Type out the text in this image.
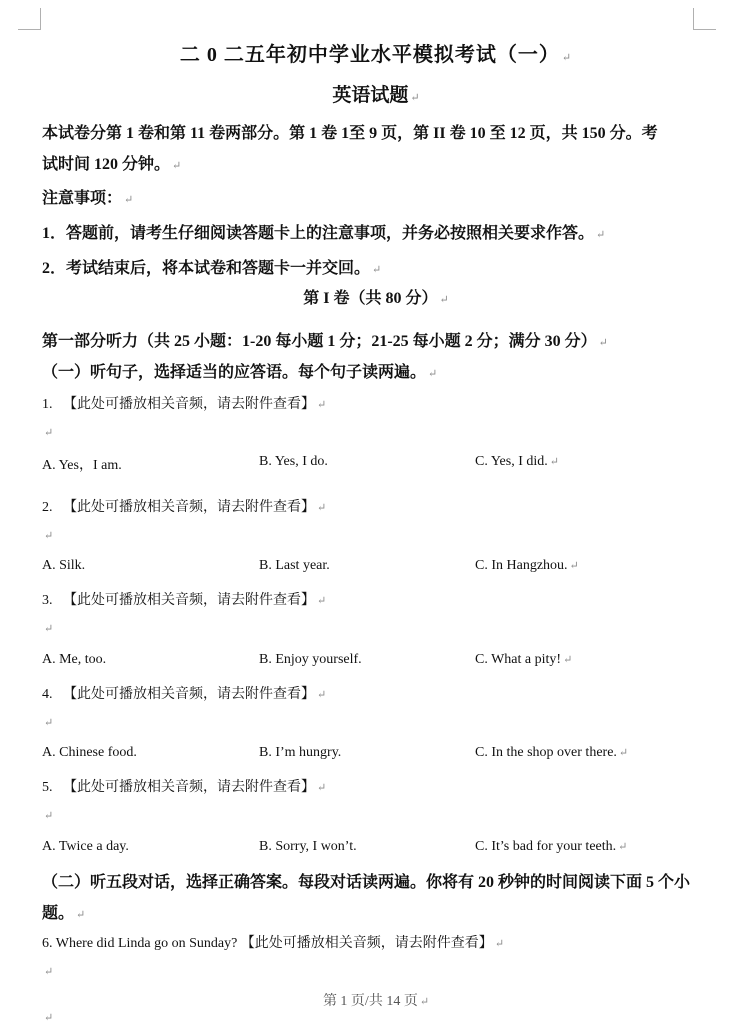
二 0 二五年初中学业水平模拟考试（一） ↵
英语试题 ↵
本试卷分第 1 卷和第 11 卷两部分。第 1 卷 1至 9 页，第 II 卷 10 至 12 页，共 150 分。考
试时间 120 分钟。 ↵
注意事项： ↵
1．答题前，请考生仔细阅读答题卡上的注意事项，并务必按照相关要求作答。 ↵
2．考试结束后，将本试卷和答题卡一并交回。 ↵
第 I 卷（共 80 分） ↵
第一部分听力（共 25 小题：1-20 每小题 1 分；21-25 每小题 2 分；满分 30 分） ↵
（一）听句子，选择适当的应答语。每个句子读两遍。 ↵
1. 【此处可播放相关音频，请去附件查看】 ↵
↵
A. Yes，I am.	B. Yes, I do.	C. Yes, I did. ↵
2. 【此处可播放相关音频，请去附件查看】 ↵
↵
A. Silk.	B. Last year.	C. In Hangzhou. ↵
3. 【此处可播放相关音频，请去附件查看】 ↵
↵
A. Me, too.	B. Enjoy yourself.	C. What a pity! ↵
4. 【此处可播放相关音频，请去附件查看】 ↵
↵
A. Chinese food.	B. I’m hungry.	C. In the shop over there. ↵
5. 【此处可播放相关音频，请去附件查看】 ↵
↵
A. Twice a day.	B. Sorry, I won’t.	C. It’s bad for your teeth. ↵
（二）听五段对话，选择正确答案。每段对话读两遍。你将有 20 秒钟的时间阅读下面 5 个小
题。 ↵
6. Where did Linda go on Sunday? 【此处可播放相关音频，请去附件查看】 ↵
↵
第 1 页/共 14 页 ↵
↵
